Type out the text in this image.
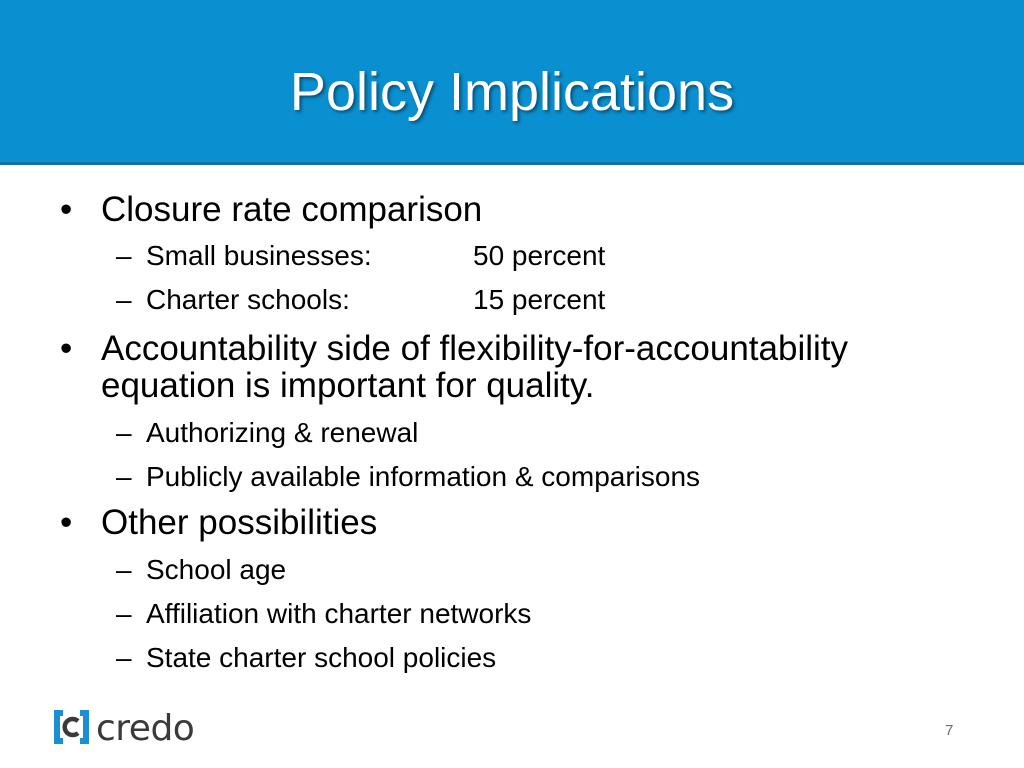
Policy Implications
• Closure rate comparison
– Small businesses:	50 percent
– Charter schools:	15 percent
• Accountability side of flexibility-for-accountability
equation is important for quality.
– Authorizing & renewal
– Publicly available information & comparisons
• Other possibilities
– School age
– Affiliation with charter networks
– State charter school policies
credo	7
